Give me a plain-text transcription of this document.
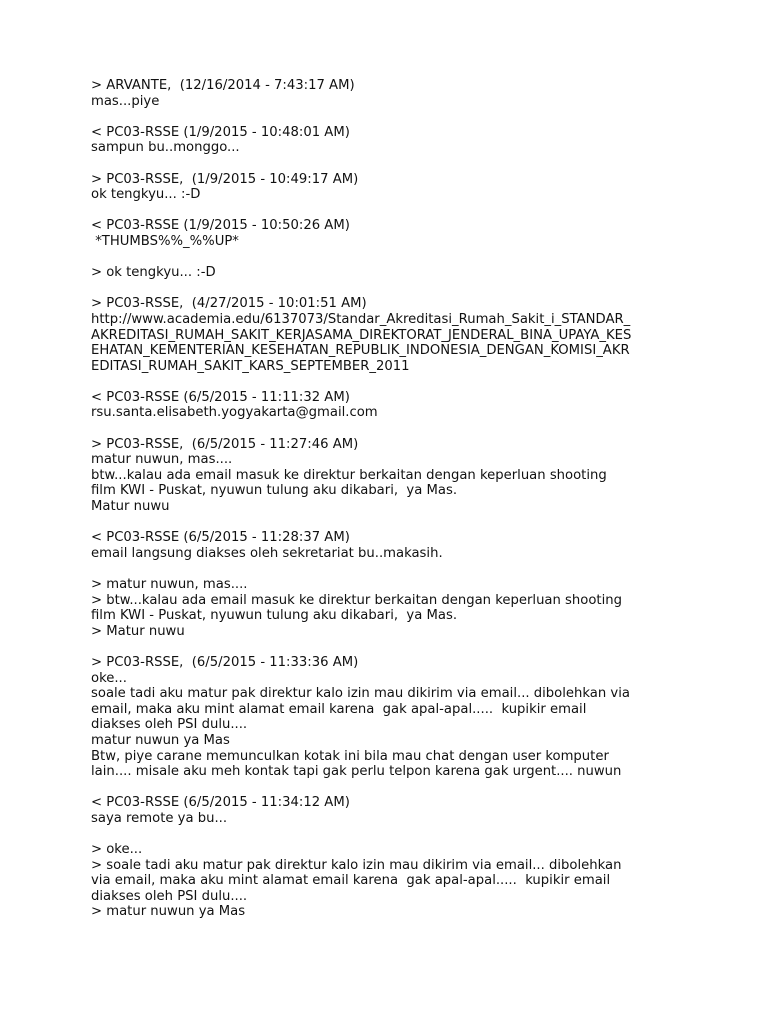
> ARVANTE,  (12/16/2014 - 7:43:17 AM)
mas...piye
< PC03-RSSE (1/9/2015 - 10:48:01 AM)
sampun bu..monggo...
> PC03-RSSE,  (1/9/2015 - 10:49:17 AM)
ok tengkyu... :-D
< PC03-RSSE (1/9/2015 - 10:50:26 AM)
*THUMBS%%_%%UP*
> ok tengkyu... :-D
> PC03-RSSE,  (4/27/2015 - 10:01:51 AM)
http://www.academia.edu/6137073/Standar_Akreditasi_Rumah_Sakit_i_STANDAR_
AKREDITASI_RUMAH_SAKIT_KERJASAMA_DIREKTORAT_JENDERAL_BINA_UPAYA_KES
EHATAN_KEMENTERIAN_KESEHATAN_REPUBLIK_INDONESIA_DENGAN_KOMISI_AKR
EDITASI_RUMAH_SAKIT_KARS_SEPTEMBER_2011
< PC03-RSSE (6/5/2015 - 11:11:32 AM)
rsu.santa.elisabeth.yogyakarta@gmail.com
> PC03-RSSE,  (6/5/2015 - 11:27:46 AM)
matur nuwun, mas....
btw...kalau ada email masuk ke direktur berkaitan dengan keperluan shooting
film KWI - Puskat, nyuwun tulung aku dikabari,  ya Mas.
Matur nuwu
< PC03-RSSE (6/5/2015 - 11:28:37 AM)
email langsung diakses oleh sekretariat bu..makasih.
> matur nuwun, mas....
> btw...kalau ada email masuk ke direktur berkaitan dengan keperluan shooting
film KWI - Puskat, nyuwun tulung aku dikabari,  ya Mas.
> Matur nuwu
> PC03-RSSE,  (6/5/2015 - 11:33:36 AM)
oke...
soale tadi aku matur pak direktur kalo izin mau dikirim via email... dibolehkan via
email, maka aku mint alamat email karena  gak apal-apal.....  kupikir email
diakses oleh PSI dulu....
matur nuwun ya Mas
Btw, piye carane memunculkan kotak ini bila mau chat dengan user komputer
lain.... misale aku meh kontak tapi gak perlu telpon karena gak urgent.... nuwun
< PC03-RSSE (6/5/2015 - 11:34:12 AM)
saya remote ya bu...
> oke...
> soale tadi aku matur pak direktur kalo izin mau dikirim via email... dibolehkan
via email, maka aku mint alamat email karena  gak apal-apal.....  kupikir email
diakses oleh PSI dulu....
> matur nuwun ya Mas
